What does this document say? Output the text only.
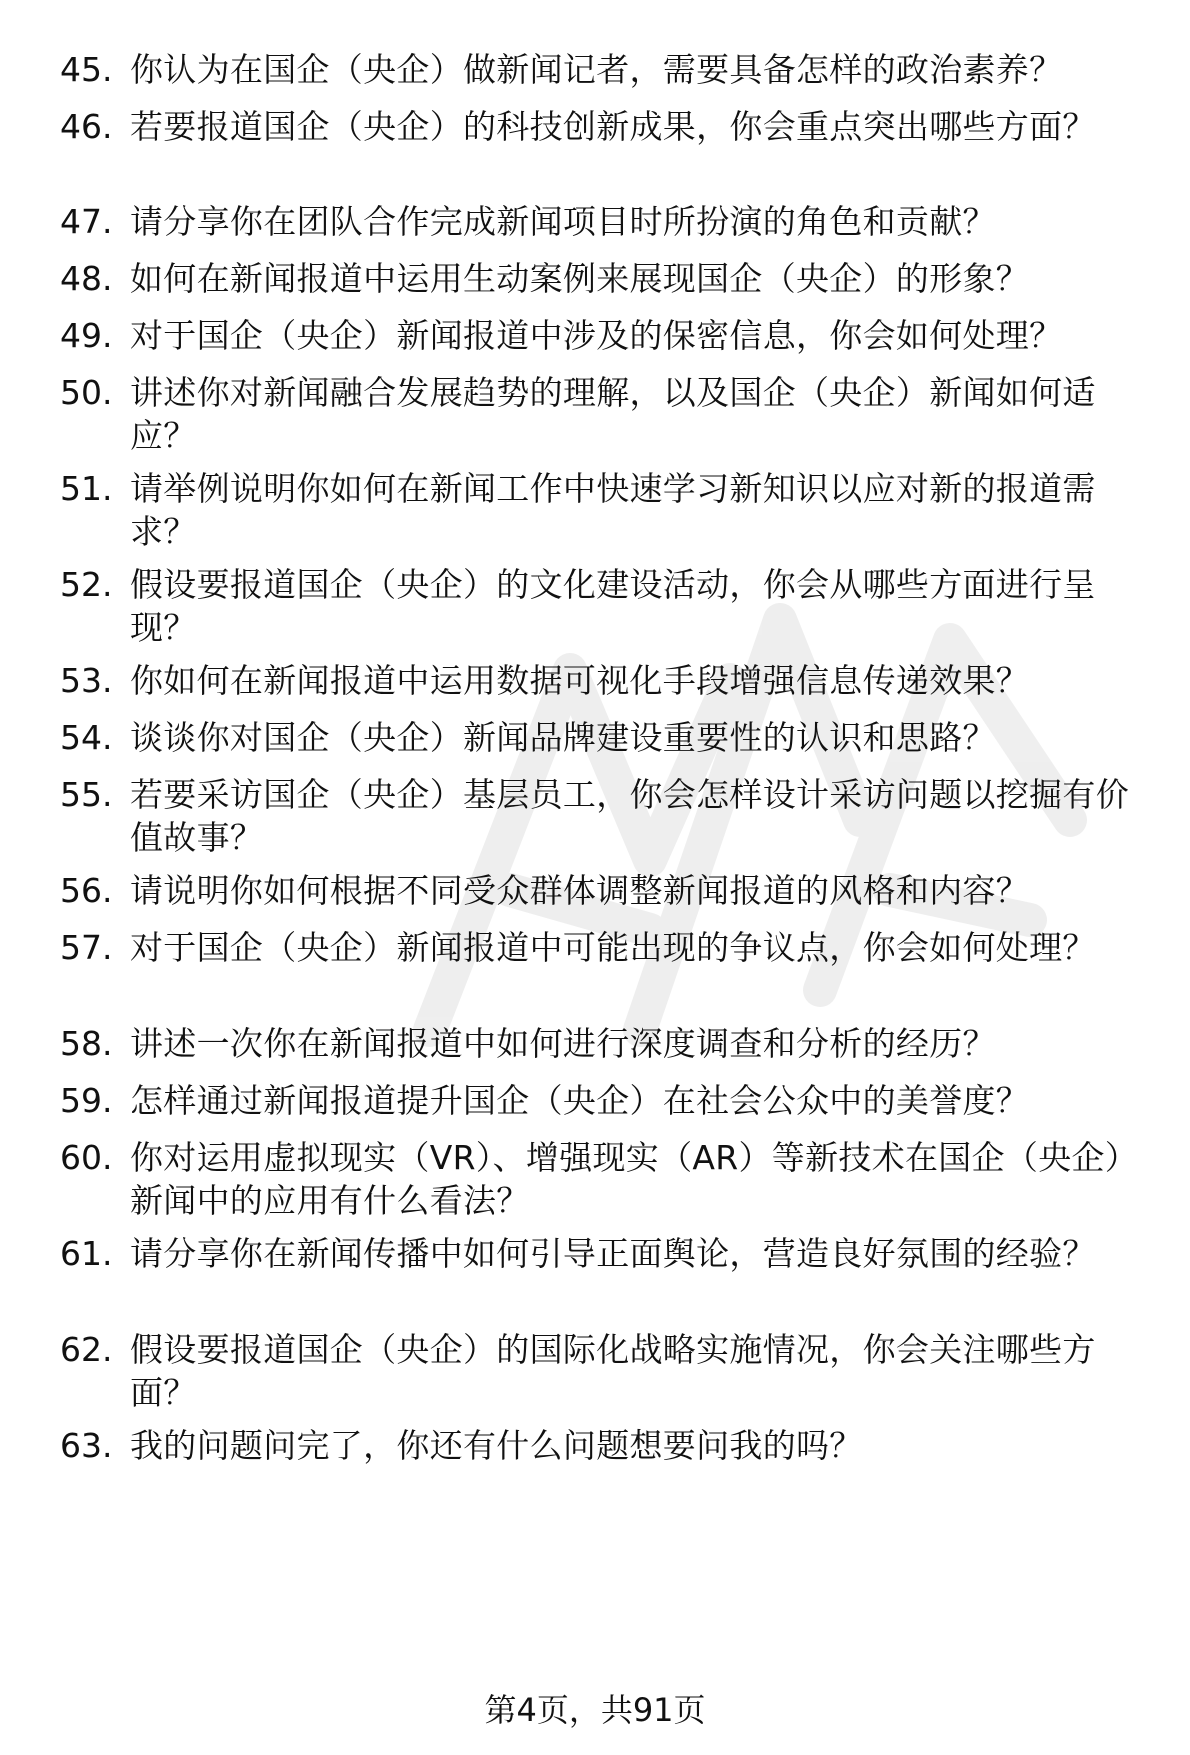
45. 你认为在国企（央企）做新闻记者，需要具备怎样的政治素养？
46. 若要报道国企（央企）的科技创新成果，你会重点突出哪些方面？
47. 请分享你在团队合作完成新闻项目时所扮演的角色和贡献？
48. 如何在新闻报道中运用生动案例来展现国企（央企）的形象？
49. 对于国企（央企）新闻报道中涉及的保密信息，你会如何处理？
50. 讲述你对新闻融合发展趋势的理解，以及国企（央企）新闻如何适应？
51. 请举例说明你如何在新闻工作中快速学习新知识以应对新的报道需求？
52. 假设要报道国企（央企）的文化建设活动，你会从哪些方面进行呈现？
53. 你如何在新闻报道中运用数据可视化手段增强信息传递效果？
54. 谈谈你对国企（央企）新闻品牌建设重要性的认识和思路？
55. 若要采访国企（央企）基层员工，你会怎样设计采访问题以挖掘有价值故事？
56. 请说明你如何根据不同受众群体调整新闻报道的风格和内容？
57. 对于国企（央企）新闻报道中可能出现的争议点，你会如何处理？
58. 讲述一次你在新闻报道中如何进行深度调查和分析的经历？
59. 怎样通过新闻报道提升国企（央企）在社会公众中的美誉度？
60. 你对运用虚拟现实（VR）、增强现实（AR）等新技术在国企（央企）新闻中的应用有什么看法？
61. 请分享你在新闻传播中如何引导正面舆论，营造良好氛围的经验？
62. 假设要报道国企（央企）的国际化战略实施情况，你会关注哪些方面？
63. 我的问题问完了，你还有什么问题想要问我的吗？
第4页，共91页
